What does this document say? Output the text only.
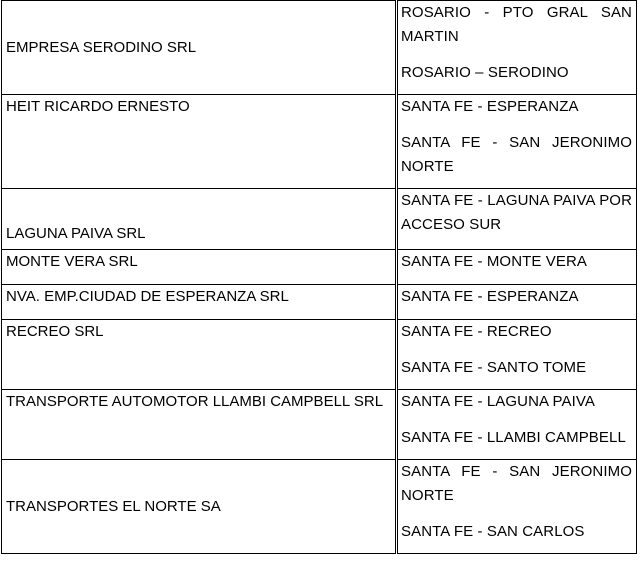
EMPRESA SERODINO SRL	ROSARIO - PTO GRAL SAN MARTIN
ROSARIO – SERODINO

HEIT RICARDO ERNESTO	SANTA FE - ESPERANZA
SANTA FE - SAN JERONIMO NORTE

LAGUNA PAIVA SRL	SANTA FE - LAGUNA PAIVA POR ACCESO SUR

MONTE VERA SRL	SANTA FE - MONTE VERA

NVA. EMP.CIUDAD DE ESPERANZA SRL	SANTA FE - ESPERANZA

RECREO SRL	SANTA FE - RECREO
SANTA FE - SANTO TOME

TRANSPORTE AUTOMOTOR LLAMBI CAMPBELL SRL	SANTA FE - LAGUNA PAIVA
SANTA FE - LLAMBI CAMPBELL

TRANSPORTES EL NORTE SA	SANTA FE - SAN JERONIMO NORTE
SANTA FE - SAN CARLOS
